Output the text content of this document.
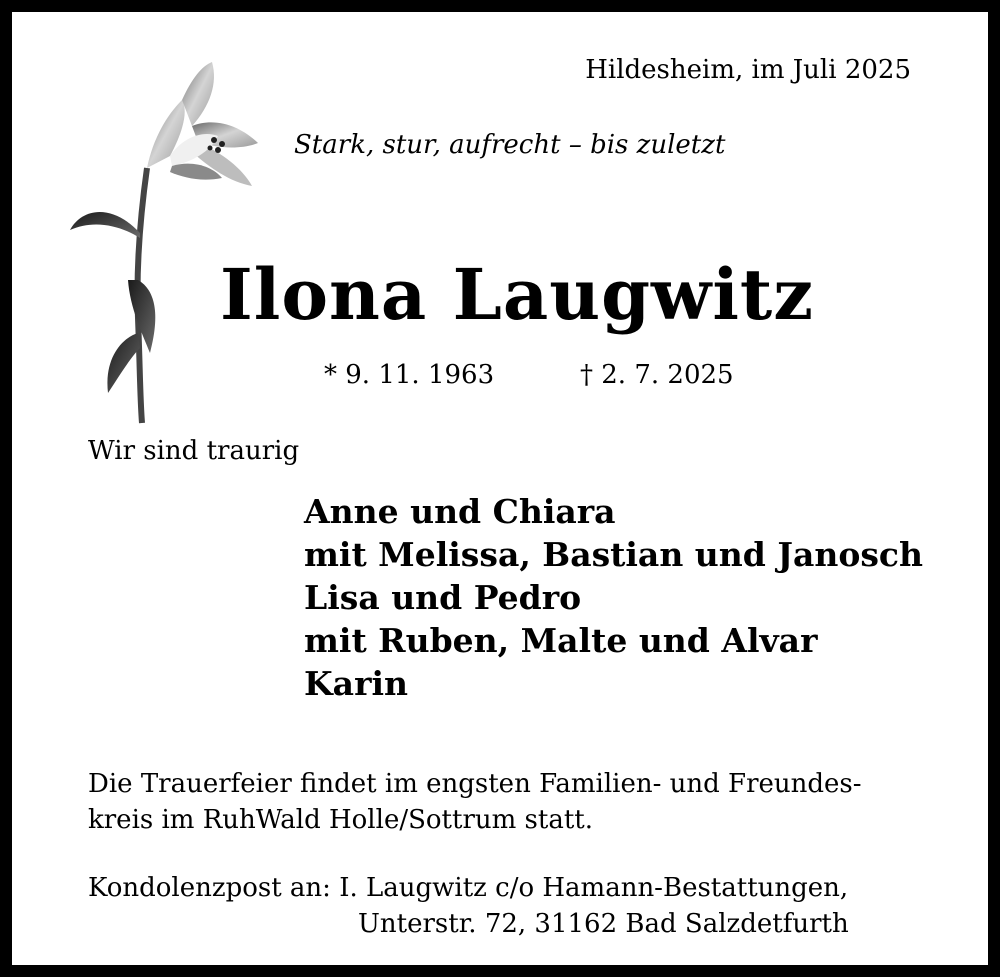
Hildesheim, im Juli 2025
Stark, stur, aufrecht – bis zuletzt
Ilona Laugwitz
* 9. 11. 1963	† 2. 7. 2025
Wir sind traurig
Anne und Chiara
mit Melissa, Bastian und Janosch
Lisa und Pedro
mit Ruben, Malte und Alvar
Karin
Die Trauerfeier findet im engsten Familien- und Freundes-
kreis im RuhWald Holle/Sottrum statt.
Kondolenzpost an: I. Laugwitz c/o Hamann-Bestattungen,
Unterstr. 72, 31162 Bad Salzdetfurth
